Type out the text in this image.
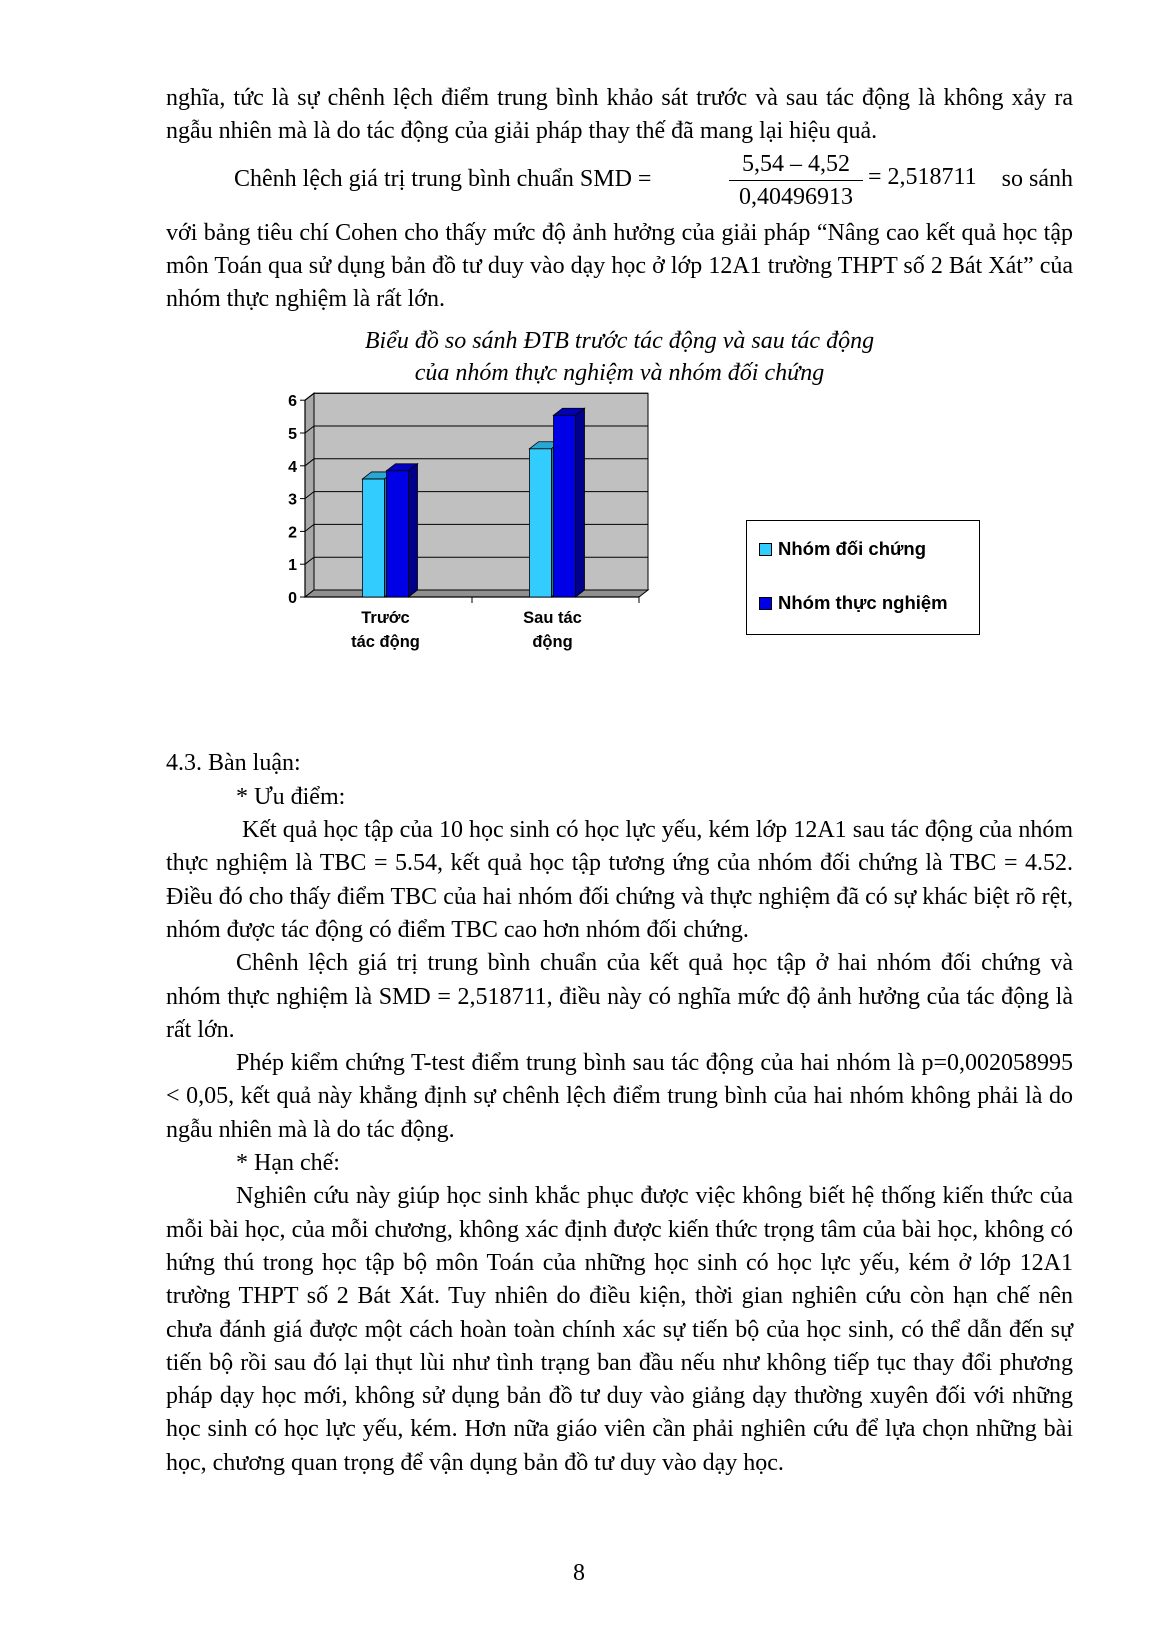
nghĩa, tức là sự chênh lệch điểm trung bình khảo sát trước và sau tác động là không xảy ra ngẫu nhiên mà là do tác động của giải pháp thay thế đã mang lại hiệu quả.

Chênh lệch giá trị trung bình chuẩn SMD =	$\frac{5,54 - 4,52}{0,40496913} = 2,518711$ so sánh

với bảng tiêu chí Cohen cho thấy mức độ ảnh hưởng của giải pháp “Nâng cao kết quả học tập môn Toán qua sử dụng bản đồ tư duy vào dạy học ở lớp 12A1 trường THPT số 2 Bát Xát” của nhóm thực nghiệm là rất lớn.

Biểu đồ so sánh ĐTB trước tác động và sau tác động
của nhóm thực nghiệm và nhóm đối chứng
0
1
2
3
4
5
6
Trước
tác động
Sau tác
động
Nhóm đối chứng
Nhóm thực nghiệm

4.3. Bàn luận:

* Ưu điểm:

Kết quả học tập của 10 học sinh có học lực yếu, kém lớp 12A1 sau tác động của nhóm thực nghiệm là TBC = 5.54, kết quả học tập tương ứng của nhóm đối chứng là TBC = 4.52. Điều đó cho thấy điểm TBC của hai nhóm đối chứng và thực nghiệm đã có sự khác biệt rõ rệt, nhóm được tác động có điểm TBC cao hơn nhóm đối chứng.

Chênh lệch giá trị trung bình chuẩn của kết quả học tập ở hai nhóm đối chứng và nhóm thực nghiệm là SMD = 2,518711, điều này có nghĩa mức độ ảnh hưởng của tác động là rất lớn.

Phép kiểm chứng T-test điểm trung bình sau tác động của hai nhóm là p=0,002058995 < 0,05, kết quả này khẳng định sự chênh lệch điểm trung bình của hai nhóm không phải là do ngẫu nhiên mà là do tác động.

* Hạn chế:

Nghiên cứu này giúp học sinh khắc phục được việc không biết hệ thống kiến thức của mỗi bài học, của mỗi chương, không xác định được kiến thức trọng tâm của bài học, không có hứng thú trong học tập bộ môn Toán của những học sinh có học lực yếu, kém ở lớp 12A1 trường THPT số 2 Bát Xát. Tuy nhiên do điều kiện, thời gian nghiên cứu còn hạn chế nên chưa đánh giá được một cách hoàn toàn chính xác sự tiến bộ của học sinh, có thể dẫn đến sự tiến bộ rồi sau đó lại thụt lùi như tình trạng ban đầu nếu như không tiếp tục thay đổi phương pháp dạy học mới, không sử dụng bản đồ tư duy vào giảng dạy thường xuyên đối với những học sinh có học lực yếu, kém. Hơn nữa giáo viên cần phải nghiên cứu để lựa chọn những bài học, chương quan trọng để vận dụng bản đồ tư duy vào dạy học.

8
